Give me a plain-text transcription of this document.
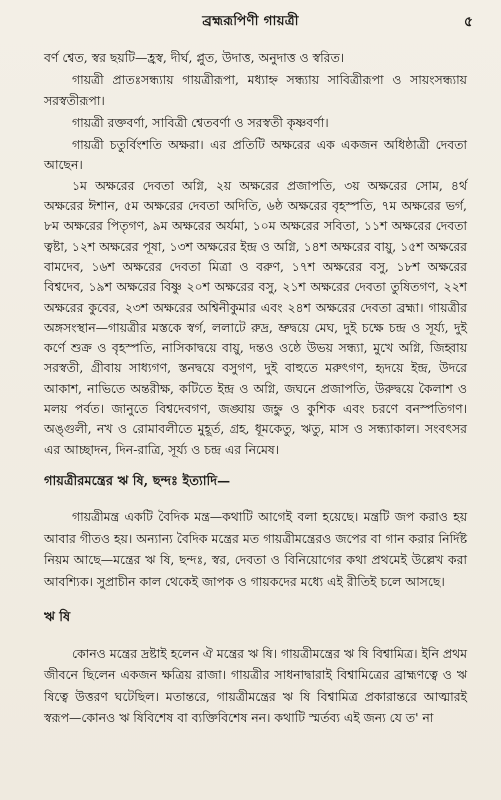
ব্রহ্মরূপিণী গায়ত্রী	৫

বর্ণ শ্বেত, স্বর ছয়টি—হ্রস্ব, দীর্ঘ, প্লুত, উদাত্ত, অনুদাত্ত ও স্বরিত।

গায়ত্রী প্রাতঃসন্ধ্যায় গায়ত্রীরূপা, মধ্যাহ্ন সন্ধ্যায় সাবিত্রীরূপা ও সায়ংসন্ধ্যায় সরস্বতীরূপা।

গায়ত্রী রক্তবর্ণা, সাবিত্রী শ্বেতবর্ণা ও সরস্বতী কৃষ্ণবর্ণা।

গায়ত্রী চতুর্বিংশতি অক্ষরা। এর প্রতিটি অক্ষরের এক একজন অধিষ্ঠাত্রী দেবতা আছেন।

১ম অক্ষরের দেবতা অগ্নি, ২য় অক্ষরের প্রজাপতি, ৩য় অক্ষরের সোম, ৪র্থ অক্ষরের ঈশান, ৫ম অক্ষরের দেবতা অদিতি, ৬ষ্ঠ অক্ষরের বৃহস্পতি, ৭ম অক্ষরের ভর্গ, ৮ম অক্ষরের পিতৃগণ, ৯ম অক্ষরের অর্যমা, ১০ম অক্ষরের সবিতা, ১১শ অক্ষরের দেবতা ত্বষ্টা, ১২শ অক্ষরের পূষা, ১৩শ অক্ষরের ইন্দ্র ও অগ্নি, ১৪শ অক্ষরের বায়ু, ১৫শ অক্ষরের বামদেব, ১৬শ অক্ষরের দেবতা মিত্রা ও বরুণ, ১৭শ অক্ষরের বসু, ১৮শ অক্ষরের বিশ্বদেব, ১৯শ অক্ষরের বিষ্ণু ২০শ অক্ষরের বসু, ২১শ অক্ষরের দেবতা তুষিতগণ, ২২শ অক্ষরের কুবের, ২৩শ অক্ষরের অশ্বিনীকুমার এবং ২৪শ অক্ষরের দেবতা ব্রহ্মা। গায়ত্রীর অঙ্গসংস্থান—গায়ত্রীর মস্তকে স্বর্গ, ললাটে রুদ্র, ভ্রুদ্বয়ে মেঘ, দুই চক্ষে চন্দ্র ও সূর্য্য, দুই কর্ণে শুক্র ও বৃহস্পতি, নাসিকাদ্বয়ে বায়ু, দন্তও ওষ্ঠে উভয় সন্ধ্যা, মুখে অগ্নি, জিহ্বায় সরস্বতী, গ্রীবায় সাধ্যগণ, স্তনদ্বয়ে বসুগণ, দুই বাহুতে মরুৎগণ, হৃদয়ে ইন্দ্র, উদরে আকাশ, নাভিতে অন্তরীক্ষ, কটিতে ইন্দ্র ও অগ্নি, জঘনে প্রজাপতি, উরুদ্বয়ে কৈলাশ ও মলয় পর্বত। জানুতে বিশ্বদেবগণ, জঙ্ঘায় জহ্নু ও কুশিক এবং চরণে বনস্পতিগণ। অঙ্গুলী, নখ ও রোমাবলীতে মুহূর্ত, গ্রহ, ধূমকেতু, ঋতু, মাস ও সন্ধ্যাকাল। সংবৎসর এর আচ্ছাদন, দিন-রাত্রি, সূর্য্য ও চন্দ্র এর নিমেষ।

গায়ত্রীরমন্ত্রের ঋ ষি, ছন্দঃ ইত্যাদি—

গায়ত্রীমন্ত্র একটি বৈদিক মন্ত্র—কথাটি আগেই বলা হয়েছে। মন্ত্রটি জপ করাও হয় আবার গীতও হয়। অন্যান্য বৈদিক মন্ত্রের মত গায়ত্রীমন্ত্রেরও জপের বা গান করার নির্দিষ্ট নিয়ম আছে—মন্ত্রের ঋ ষি, ছন্দঃ, স্বর, দেবতা ও বিনিয়োগের কথা প্রথমেই উল্লেখ করা আবশ্যিক। সুপ্রাচীন কাল থেকেই জাপক ও গায়কদের মধ্যে এই রীতিই চলে আসছে।

ঋ ষি

কোনও মন্ত্রের দ্রষ্টাই হলেন ঐ মন্ত্রের ঋ ষি। গায়ত্রীমন্ত্রের ঋ ষি বিশ্বামিত্র। ইনি প্রথম জীবনে ছিলেন একজন ক্ষত্রিয় রাজা। গায়ত্রীর সাধনাদ্বারাই বিশ্বামিত্রের ব্রাহ্মণত্বে ও ঋ ষিত্বে উত্তরণ ঘটেছিল। মতান্তরে, গায়ত্রীমন্ত্রের ঋ ষি বিশ্বামিত্র প্রকারান্তরে আত্মারই স্বরূপ—কোনও ঋ ষিবিশেষ বা ব্যক্তিবিশেষ নন। কথাটি স্মর্তব্য এই জন্য যে ত' না
